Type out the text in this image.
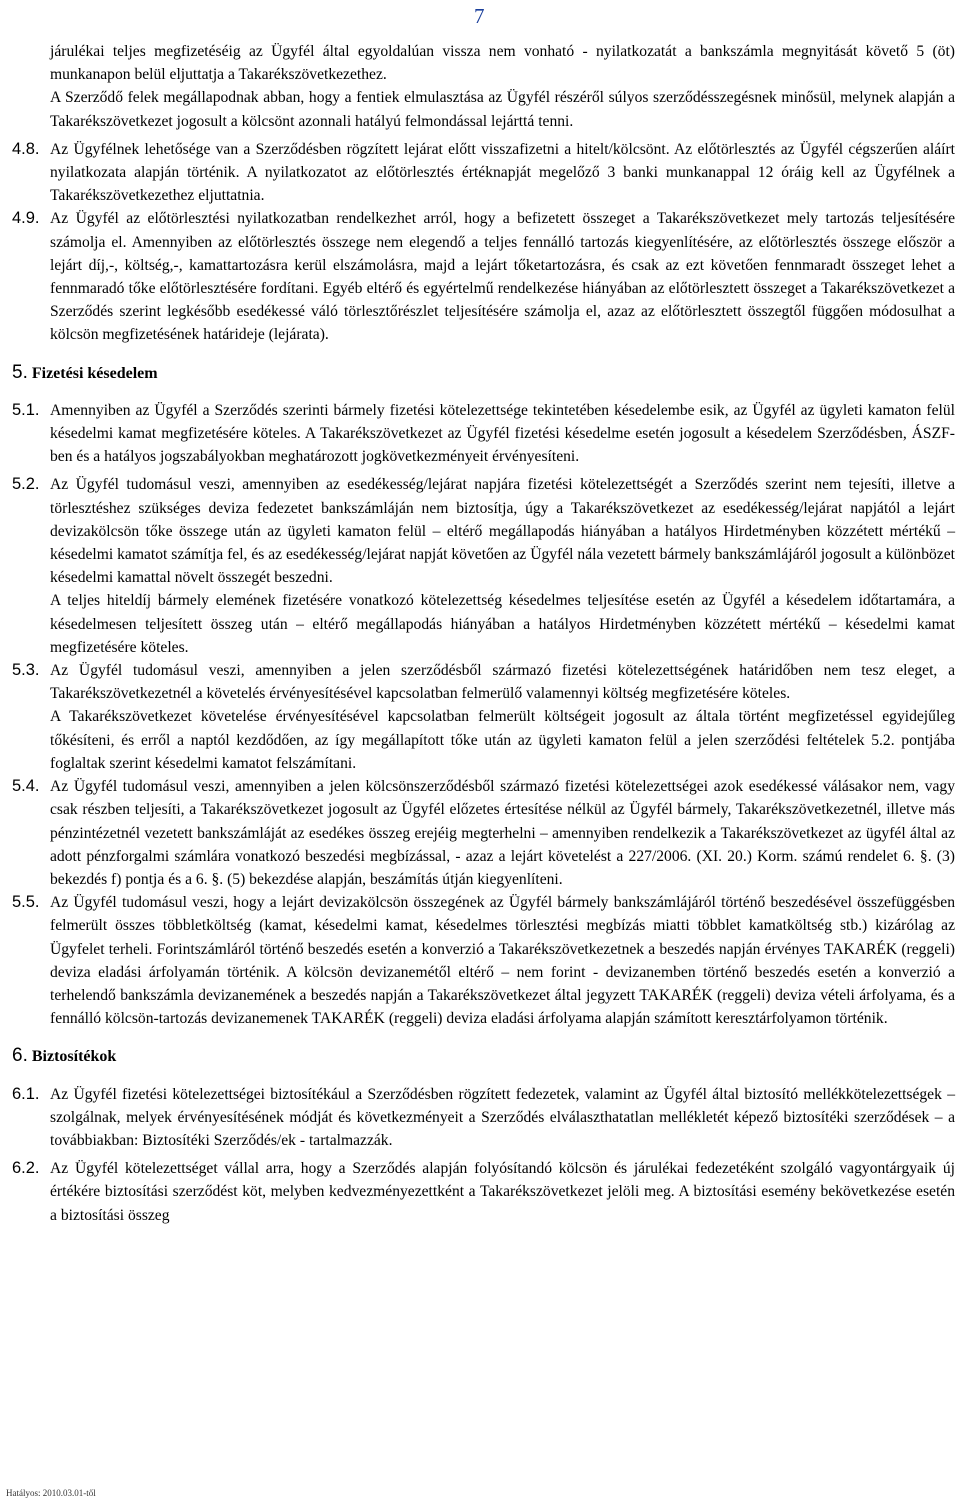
7

járulékai teljes megfizetéséig az Ügyfél által egyoldalúan vissza nem vonható - nyilatkozatát a bankszámla megnyitását követő 5 (öt) munkanapon belül eljuttatja a Takarékszövetkezethez.

A Szerződő felek megállapodnak abban, hogy a fentiek elmulasztása az Ügyfél részéről súlyos szerződésszegésnek minősül, melynek alapján a Takarékszövetkezet jogosult a kölcsönt azonnali hatályú felmondással lejárttá tenni.

4.8. Az Ügyfélnek lehetősége van a Szerződésben rögzített lejárat előtt visszafizetni a hitelt/kölcsönt. Az előtörlesztés az Ügyfél cégszerűen aláírt nyilatkozata alapján történik. A nyilatkozatot az előtörlesztés értéknapját megelőző 3 banki munkanappal 12 óráig kell az Ügyfélnek a Takarékszövetkezethez eljuttatnia.

4.9. Az Ügyfél az előtörlesztési nyilatkozatban rendelkezhet arról, hogy a befizetett összeget a Takarékszövetkezet mely tartozás teljesítésére számolja el. Amennyiben az előtörlesztés összege nem elegendő a teljes fennálló tartozás kiegyenlítésére, az előtörlesztés összege először a lejárt díj,-, költség,-, kamattartozásra kerül elszámolásra, majd a lejárt tőketartozásra, és csak az ezt követően fennmaradt összeget lehet a fennmaradó tőke előtörlesztésére fordítani. Egyéb eltérő és egyértelmű rendelkezése hiányában az előtörlesztett összeget a Takarékszövetkezet a Szerződés szerint legkésőbb esedékessé váló törlesztőrészlet teljesítésére számolja el, azaz az előtörlesztett összegtől függően módosulhat a kölcsön megfizetésének határideje (lejárata).

5. Fizetési késedelem

5.1. Amennyiben az Ügyfél a Szerződés szerinti bármely fizetési kötelezettsége tekintetében késedelembe esik, az Ügyfél az ügyleti kamaton felül késedelmi kamat megfizetésére köteles. A Takarékszövetkezet az Ügyfél fizetési késedelme esetén jogosult a késedelem Szerződésben, ÁSZF-ben és a hatályos jogszabályokban meghatározott jogkövetkezményeit érvényesíteni.

5.2. Az Ügyfél tudomásul veszi, amennyiben az esedékesség/lejárat napjára fizetési kötelezettségét a Szerződés szerint nem tejesíti, illetve a törlesztéshez szükséges deviza fedezetet bankszámláján nem biztosítja, úgy a Takarékszövetkezet az esedékesség/lejárat napjától a lejárt devizakölcsön tőke összege után az ügyleti kamaton felül – eltérő megállapodás hiányában a hatályos Hirdetményben közzétett mértékű – késedelmi kamatot számítja fel, és az esedékesség/lejárat napját követően az Ügyfél nála vezetett bármely bankszámlájáról jogosult a különbözet késedelmi kamattal növelt összegét beszedni.

A teljes hiteldíj bármely elemének fizetésére vonatkozó kötelezettség késedelmes teljesítése esetén az Ügyfél a késedelem időtartamára, a késedelmesen teljesített összeg után – eltérő megállapodás hiányában a hatályos Hirdetményben közzétett mértékű – késedelmi kamat megfizetésére köteles.

5.3. Az Ügyfél tudomásul veszi, amennyiben a jelen szerződésből származó fizetési kötelezettségének határidőben nem tesz eleget, a Takarékszövetkezetnél a követelés érvényesítésével kapcsolatban felmerülő valamennyi költség megfizetésére köteles.

A Takarékszövetkezet követelése érvényesítésével kapcsolatban felmerült költségeit jogosult az általa történt megfizetéssel egyidejűleg tőkésíteni, és erről a naptól kezdődően, az így megállapított tőke után az ügyleti kamaton felül a jelen szerződési feltételek 5.2. pontjába foglaltak szerint késedelmi kamatot felszámítani.

5.4. Az Ügyfél tudomásul veszi, amennyiben a jelen kölcsönszerződésből származó fizetési kötelezettségei azok esedékessé válásakor nem, vagy csak részben teljesíti, a Takarékszövetkezet jogosult az Ügyfél előzetes értesítése nélkül az Ügyfél bármely, Takarékszövetkezetnél, illetve más pénzintézetnél vezetett bankszámláját az esedékes összeg erejéig megterhelni – amennyiben rendelkezik a Takarékszövetkezet az ügyfél által az adott pénzforgalmi számlára vonatkozó beszedési megbízással, - azaz a lejárt követelést a 227/2006. (XI. 20.) Korm. számú rendelet 6. §. (3) bekezdés f) pontja és a 6. §. (5) bekezdése alapján, beszámítás útján kiegyenlíteni.

5.5. Az Ügyfél tudomásul veszi, hogy a lejárt devizakölcsön összegének az Ügyfél bármely bankszámlájáról történő beszedésével összefüggésben felmerült összes többletköltség (kamat, késedelmi kamat, késedelmes törlesztési megbízás miatti többlet kamatköltség stb.) kizárólag az Ügyfelet terheli. Forintszámláról történő beszedés esetén a konverzió a Takarékszövetkezetnek a beszedés napján érvényes TAKARÉK (reggeli) deviza eladási árfolyamán történik. A kölcsön devizanemétől eltérő – nem forint - devizanemben történő beszedés esetén a konverzió a terhelendő bankszámla devizanemének a beszedés napján a Takarékszövetkezet által jegyzett TAKARÉK (reggeli) deviza vételi árfolyama, és a fennálló kölcsön-tartozás devizanemenek TAKARÉK (reggeli) deviza eladási árfolyama alapján számított keresztárfolyamon történik.

6. Biztosítékok

6.1. Az Ügyfél fizetési kötelezettségei biztosítékául a Szerződésben rögzített fedezetek, valamint az Ügyfél által biztosító mellékkötelezettségek – szolgálnak, melyek érvényesítésének módját és következményeit a Szerződés elválaszthatatlan mellékletét képező biztosítéki szerződések – a továbbiakban: Biztosítéki Szerződés/ek - tartalmazzák.

6.2. Az Ügyfél kötelezettséget vállal arra, hogy a Szerződés alapján folyósítandó kölcsön és járulékai fedezetéként szolgáló vagyontárgyaik új értékére biztosítási szerződést köt, melyben kedvezményezettként a Takarékszövetkezet jelöli meg. A biztosítási esemény bekövetkezése esetén a biztosítási összeg

Hatályos: 2010.03.01-től
